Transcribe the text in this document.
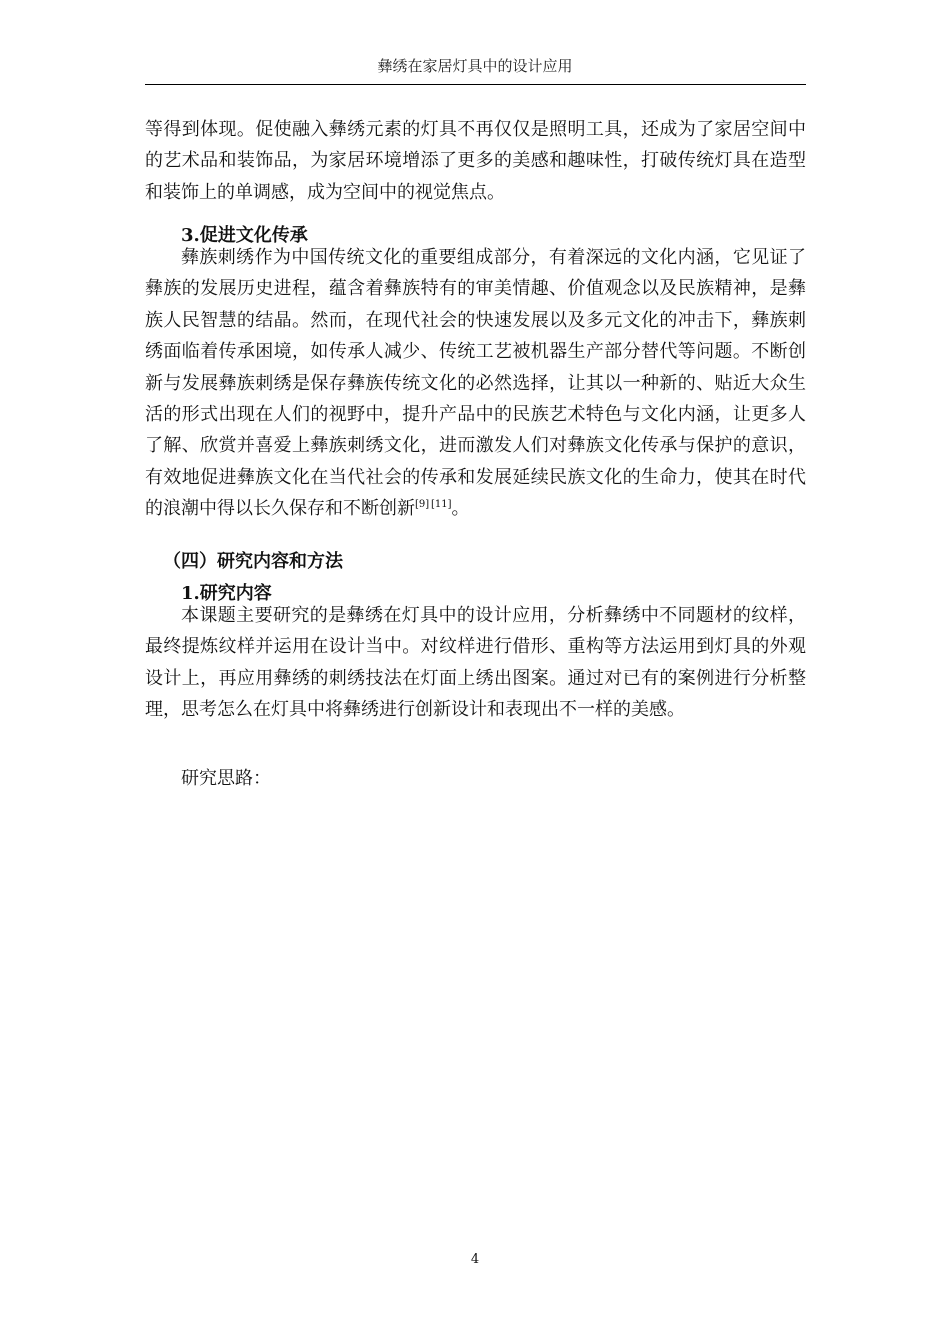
彝绣在家居灯具中的设计应用

等得到体现。促使融入彝绣元素的灯具不再仅仅是照明工具，还成为了家居空间中的艺术品和装饰品，为家居环境增添了更多的美感和趣味性，打破传统灯具在造型和装饰上的单调感，成为空间中的视觉焦点。

3.促进文化传承

彝族刺绣作为中国传统文化的重要组成部分，有着深远的文化内涵，它见证了彝族的发展历史进程，蕴含着彝族特有的审美情趣、价值观念以及民族精神，是彝族人民智慧的结晶。然而，在现代社会的快速发展以及多元文化的冲击下，彝族刺绣面临着传承困境，如传承人减少、传统工艺被机器生产部分替代等问题。不断创新与发展彝族刺绣是保存彝族传统文化的必然选择，让其以一种新的、贴近大众生活的形式出现在人们的视野中，提升产品中的民族艺术特色与文化内涵，让更多人了解、欣赏并喜爱上彝族刺绣文化，进而激发人们对彝族文化传承与保护的意识，有效地促进彝族文化在当代社会的传承和发展延续民族文化的生命力，使其在时代的浪潮中得以长久保存和不断创新[9]  [11]。

（四）研究内容和方法

1.研究内容

本课题主要研究的是彝绣在灯具中的设计应用，分析彝绣中不同题材的纹样，最终提炼纹样并运用在设计当中。对纹样进行借形、重构等方法运用到灯具的外观设计上，再应用彝绣的刺绣技法在灯面上绣出图案。通过对已有的案例进行分析整理，思考怎么在灯具中将彝绣进行创新设计和表现出不一样的美感。

研究思路：

4
